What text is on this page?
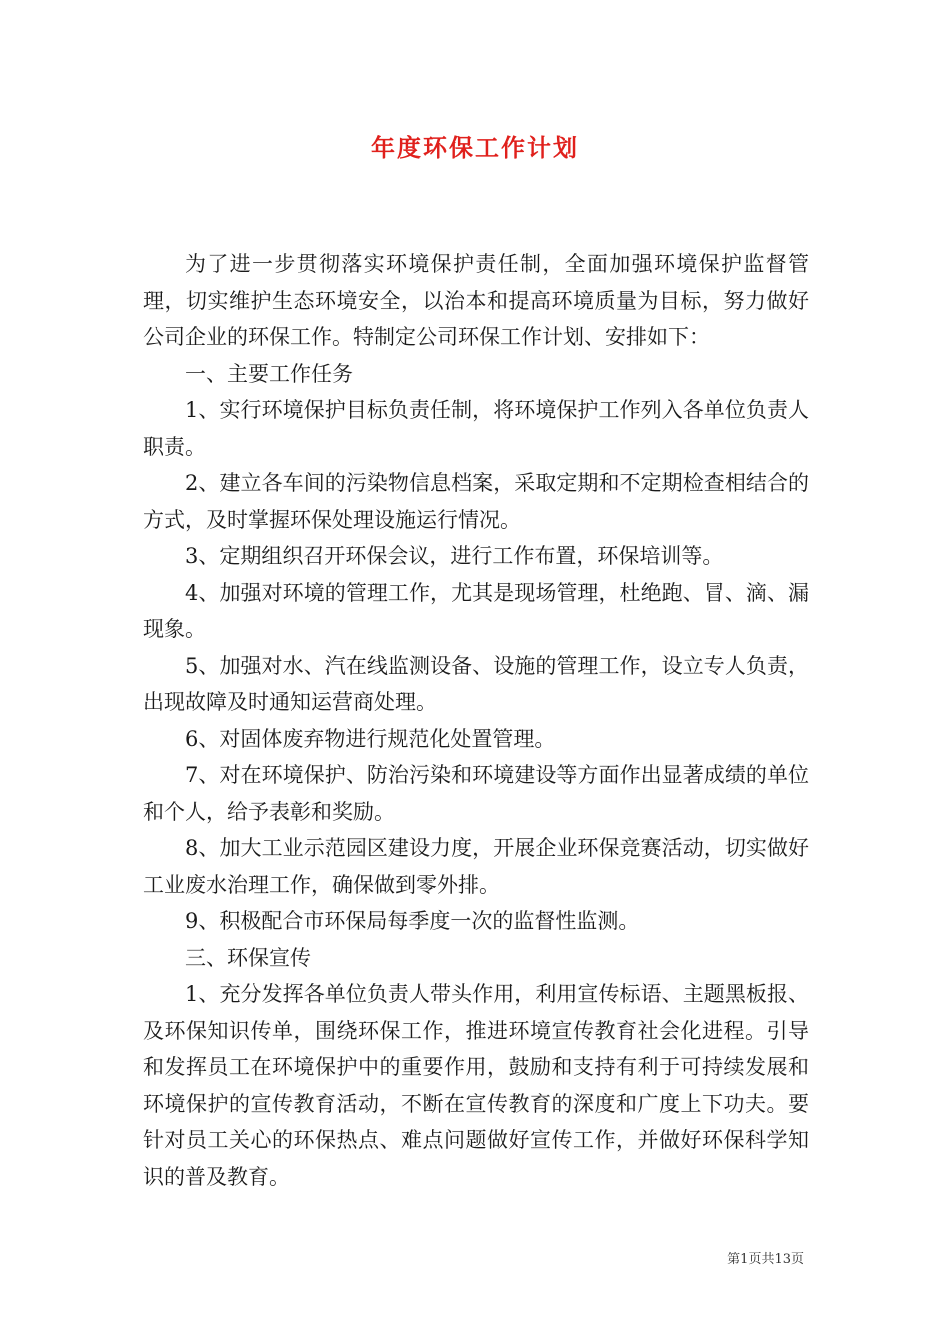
年度环保工作计划

为了进一步贯彻落实环境保护责任制，全面加强环境保护监督管理，切实维护生态环境安全，以治本和提高环境质量为目标，努力做好公司企业的环保工作。特制定公司环保工作计划、安排如下：

一、主要工作任务

1、实行环境保护目标负责任制，将环境保护工作列入各单位负责人职责。

2、建立各车间的污染物信息档案，采取定期和不定期检查相结合的方式，及时掌握环保处理设施运行情况。

3、定期组织召开环保会议，进行工作布置，环保培训等。

4、加强对环境的管理工作，尤其是现场管理，杜绝跑、冒、滴、漏现象。

5、加强对水、汽在线监测设备、设施的管理工作，设立专人负责，出现故障及时通知运营商处理。

6、对固体废弃物进行规范化处置管理。

7、对在环境保护、防治污染和环境建设等方面作出显著成绩的单位和个人，给予表彰和奖励。

8、加大工业示范园区建设力度，开展企业环保竞赛活动，切实做好工业废水治理工作，确保做到零外排。

9、积极配合市环保局每季度一次的监督性监测。

三、环保宣传

1、充分发挥各单位负责人带头作用，利用宣传标语、主题黑板报、及环保知识传单，围绕环保工作，推进环境宣传教育社会化进程。引导和发挥员工在环境保护中的重要作用，鼓励和支持有利于可持续发展和环境保护的宣传教育活动，不断在宣传教育的深度和广度上下功夫。要针对员工关心的环保热点、难点问题做好宣传工作，并做好环保科学知识的普及教育。

第1页共13页
